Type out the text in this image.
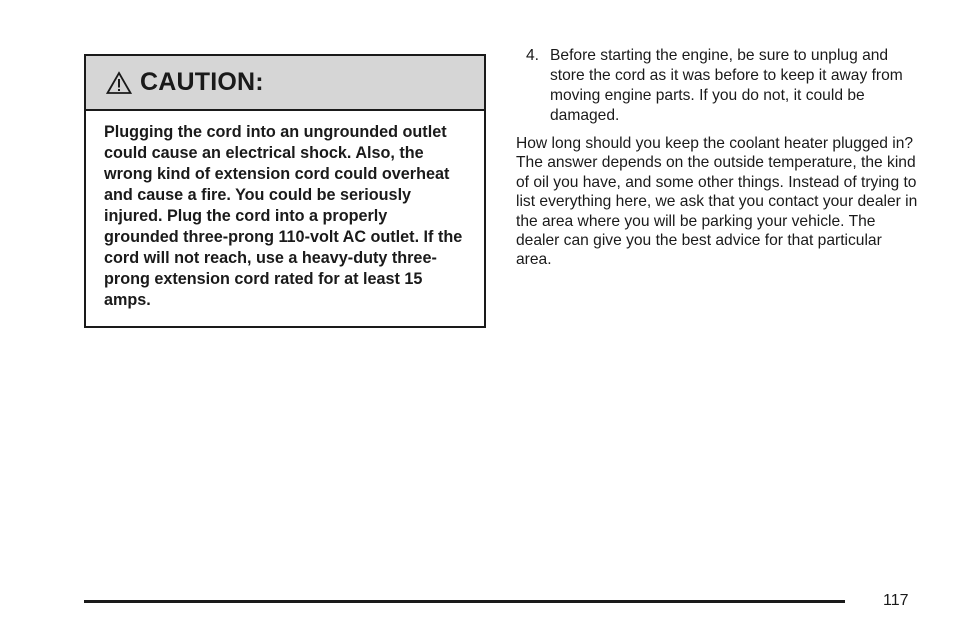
CAUTION:
Plugging the cord into an ungrounded outlet could cause an electrical shock. Also, the wrong kind of extension cord could overheat and cause a fire. You could be seriously injured. Plug the cord into a properly grounded three-prong 110-volt AC outlet. If the cord will not reach, use a heavy-duty three-prong extension cord rated for at least 15 amps.
4. Before starting the engine, be sure to unplug and store the cord as it was before to keep it away from moving engine parts. If you do not, it could be damaged.
How long should you keep the coolant heater plugged in? The answer depends on the outside temperature, the kind of oil you have, and some other things. Instead of trying to list everything here, we ask that you contact your dealer in the area where you will be parking your vehicle. The dealer can give you the best advice for that particular area.
117
